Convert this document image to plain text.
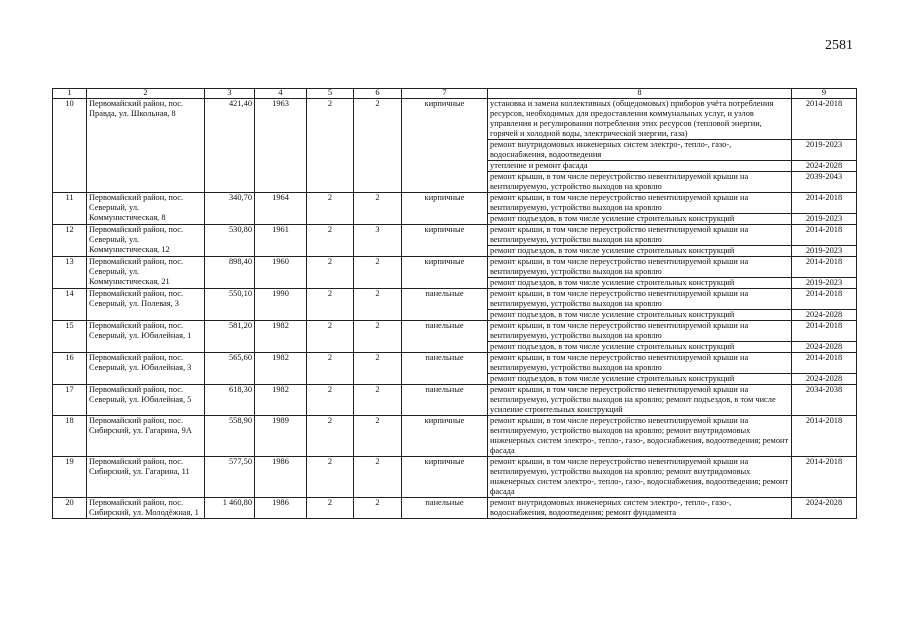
2581
1	2	3	4	5	6	7	8	9
10	Первомайский район, пос. Правда, ул. Школьная, 8	421,40	1963	2	2	кирпичные	установка и замена коллективных (общедомовых) приборов учёта потребления ресурсов, необходимых для предоставления коммунальных услуг, и узлов управления и регулирования потребления этих ресурсов (тепловой энергии, горячей и холодной воды, электрической энергии, газа)	2014-2018
							ремонт внутридомовых инженерных систем электро-, тепло-, газо-, водоснабжения, водоотведения	2019-2023
							утепление и ремонт фасада	2024-2028
							ремонт крыши, в том числе переустройство невентилируемой крыши на вентилируемую, устройство выходов на кровлю	2039-2043
11	Первомайский район, пос. Северный, ул. Коммунистическая, 8	340,70	1964	2	2	кирпичные	ремонт крыши, в том числе переустройство невентилируемой крыши на вентилируемую, устройство выходов на кровлю	2014-2018
							ремонт подъездов, в том числе усиление строительных конструкций	2019-2023
12	Первомайский район, пос. Северный, ул. Коммунистическая, 12	530,80	1961	2	3	кирпичные	ремонт крыши, в том числе переустройство невентилируемой крыши на вентилируемую, устройство выходов на кровлю	2014-2018
							ремонт подъездов, в том числе усиление строительных конструкций	2019-2023
13	Первомайский район, пос. Северный, ул. Коммунистическая, 21	898,40	1960	2	2	кирпичные	ремонт крыши, в том числе переустройство невентилируемой крыши на вентилируемую, устройство выходов на кровлю	2014-2018
							ремонт подъездов, в том числе усиление строительных конструкций	2019-2023
14	Первомайский район, пос. Северный, ул. Полевая, 3	550,10	1990	2	2	панельные	ремонт крыши, в том числе переустройство невентилируемой крыши на вентилируемую, устройство выходов на кровлю	2014-2018
							ремонт подъездов, в том числе усиление строительных конструкций	2024-2028
15	Первомайский район, пос. Северный, ул. Юбилейная, 1	581,20	1982	2	2	панельные	ремонт крыши, в том числе переустройство невентилируемой крыши на вентилируемую, устройство выходов на кровлю	2014-2018
							ремонт подъездов, в том числе усиление строительных конструкций	2024-2028
16	Первомайский район, пос. Северный, ул. Юбилейная, 3	565,60	1982	2	2	панельные	ремонт крыши, в том числе переустройство невентилируемой крыши на вентилируемую, устройство выходов на кровлю	2014-2018
							ремонт подъездов, в том числе усиление строительных конструкций	2024-2028
17	Первомайский район, пос. Северный, ул. Юбилейная, 5	618,30	1982	2	2	панельные	ремонт крыши, в том числе переустройство невентилируемой крыши на вентилируемую, устройство выходов на кровлю; ремонт подъездов, в том числе усиление строительных конструкций	2034-2038
18	Первомайский район, пос. Сибирский, ул. Гагарина, 9А	558,90	1989	2	2	кирпичные	ремонт крыши, в том числе переустройство невентилируемой крыши на вентилируемую, устройство выходов на кровлю; ремонт внутридомовых инженерных систем электро-, тепло-, газо-, водоснабжения, водоотведения; ремонт фасада	2014-2018
19	Первомайский район, пос. Сибирский, ул. Гагарина, 11	577,50	1986	2	2	кирпичные	ремонт крыши, в том числе переустройство невентилируемой крыши на вентилируемую, устройство выходов на кровлю; ремонт внутридомовых инженерных систем электро-, тепло-, газо-, водоснабжения, водоотведения; ремонт фасада	2014-2018
20	Первомайский район, пос. Сибирский, ул. Молодёжная, 1	1 460,80	1986	2	2	панельные	ремонт внутридомовых инженерных систем электро-, тепло-, газо-, водоснабжения, водоотведения; ремонт фундамента	2024-2028
